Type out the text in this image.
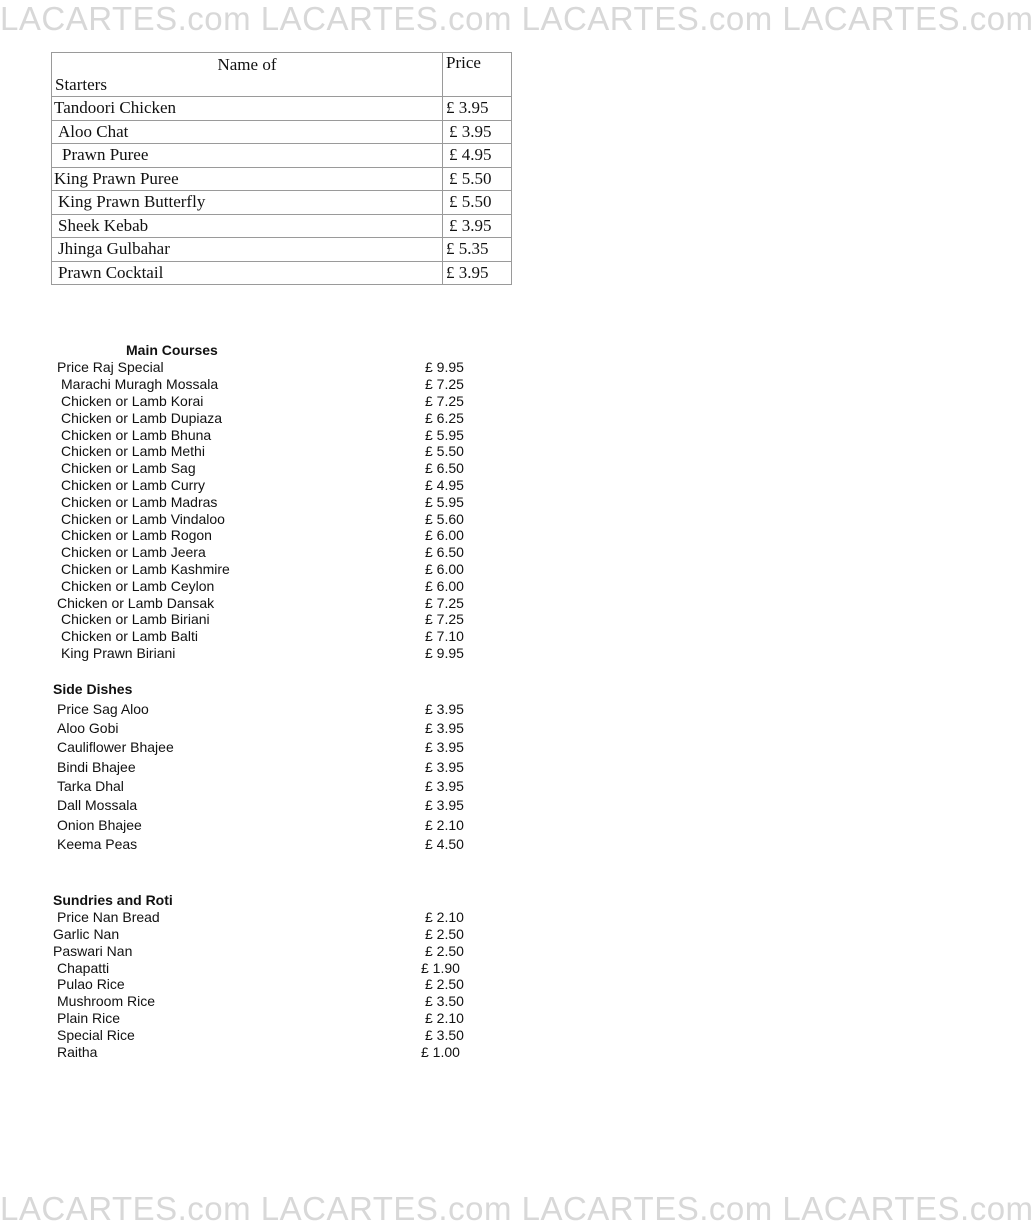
LACARTES.com LACARTES.com LACARTES.com LACARTES.com
Name of
Starters	Price
Tandoori Chicken	£ 3.95
Aloo Chat	£ 3.95
Prawn Puree	£ 4.95
King Prawn Puree	£ 5.50
King Prawn Butterfly	£ 5.50
Sheek Kebab	£ 3.95
Jhinga Gulbahar	£ 5.35
Prawn Cocktail	£ 3.95
Main Courses
Price Raj Special	£ 9.95
Marachi Muragh Mossala	£ 7.25
Chicken or Lamb Korai	£ 7.25
Chicken or Lamb Dupiaza	£ 6.25
Chicken or Lamb Bhuna	£ 5.95
Chicken or Lamb Methi	£ 5.50
Chicken or Lamb Sag	£ 6.50
Chicken or Lamb Curry	£ 4.95
Chicken or Lamb Madras	£ 5.95
Chicken or Lamb Vindaloo	£ 5.60
Chicken or Lamb Rogon	£ 6.00
Chicken or Lamb Jeera	£ 6.50
Chicken or Lamb Kashmire	£ 6.00
Chicken or Lamb Ceylon	£ 6.00
Chicken or Lamb Dansak	£ 7.25
Chicken or Lamb Biriani	£ 7.25
Chicken or Lamb Balti	£ 7.10
King Prawn Biriani	£ 9.95
Side Dishes
Price Sag Aloo	£ 3.95
Aloo Gobi	£ 3.95
Cauliflower Bhajee	£ 3.95
Bindi Bhajee	£ 3.95
Tarka Dhal	£ 3.95
Dall Mossala	£ 3.95
Onion Bhajee	£ 2.10
Keema Peas	£ 4.50
Sundries and Roti
Price Nan Bread	£ 2.10
Garlic Nan	£ 2.50
Paswari Nan	£ 2.50
Chapatti	£ 1.90
Pulao Rice	£ 2.50
Mushroom Rice	£ 3.50
Plain Rice	£ 2.10
Special Rice	£ 3.50
Raitha	£ 1.00
LACARTES.com LACARTES.com LACARTES.com LACARTES.com
